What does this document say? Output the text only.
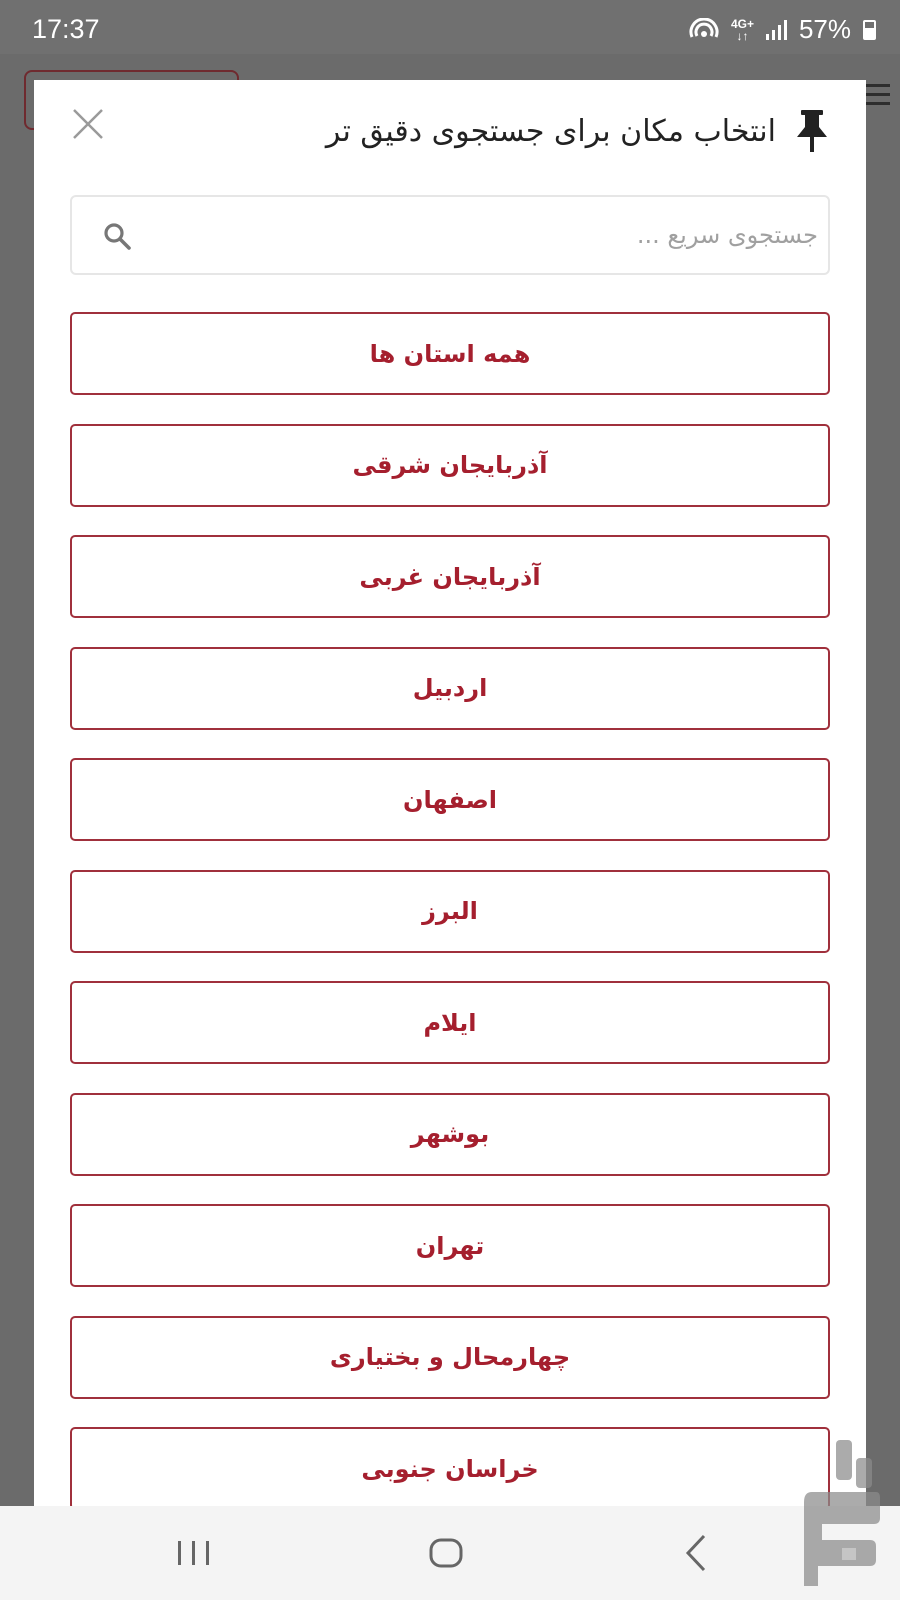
17:37	4G+
↓↑ 57%
انتخاب مکان برای جستجوی دقیق تر
جستجوی سریع ...
همه استان ها
آذربایجان شرقی
آذربایجان غربی
اردبیل
اصفهان
البرز
ایلام
بوشهر
تهران
چهارمحال و بختیاری
خراسان جنوبی
